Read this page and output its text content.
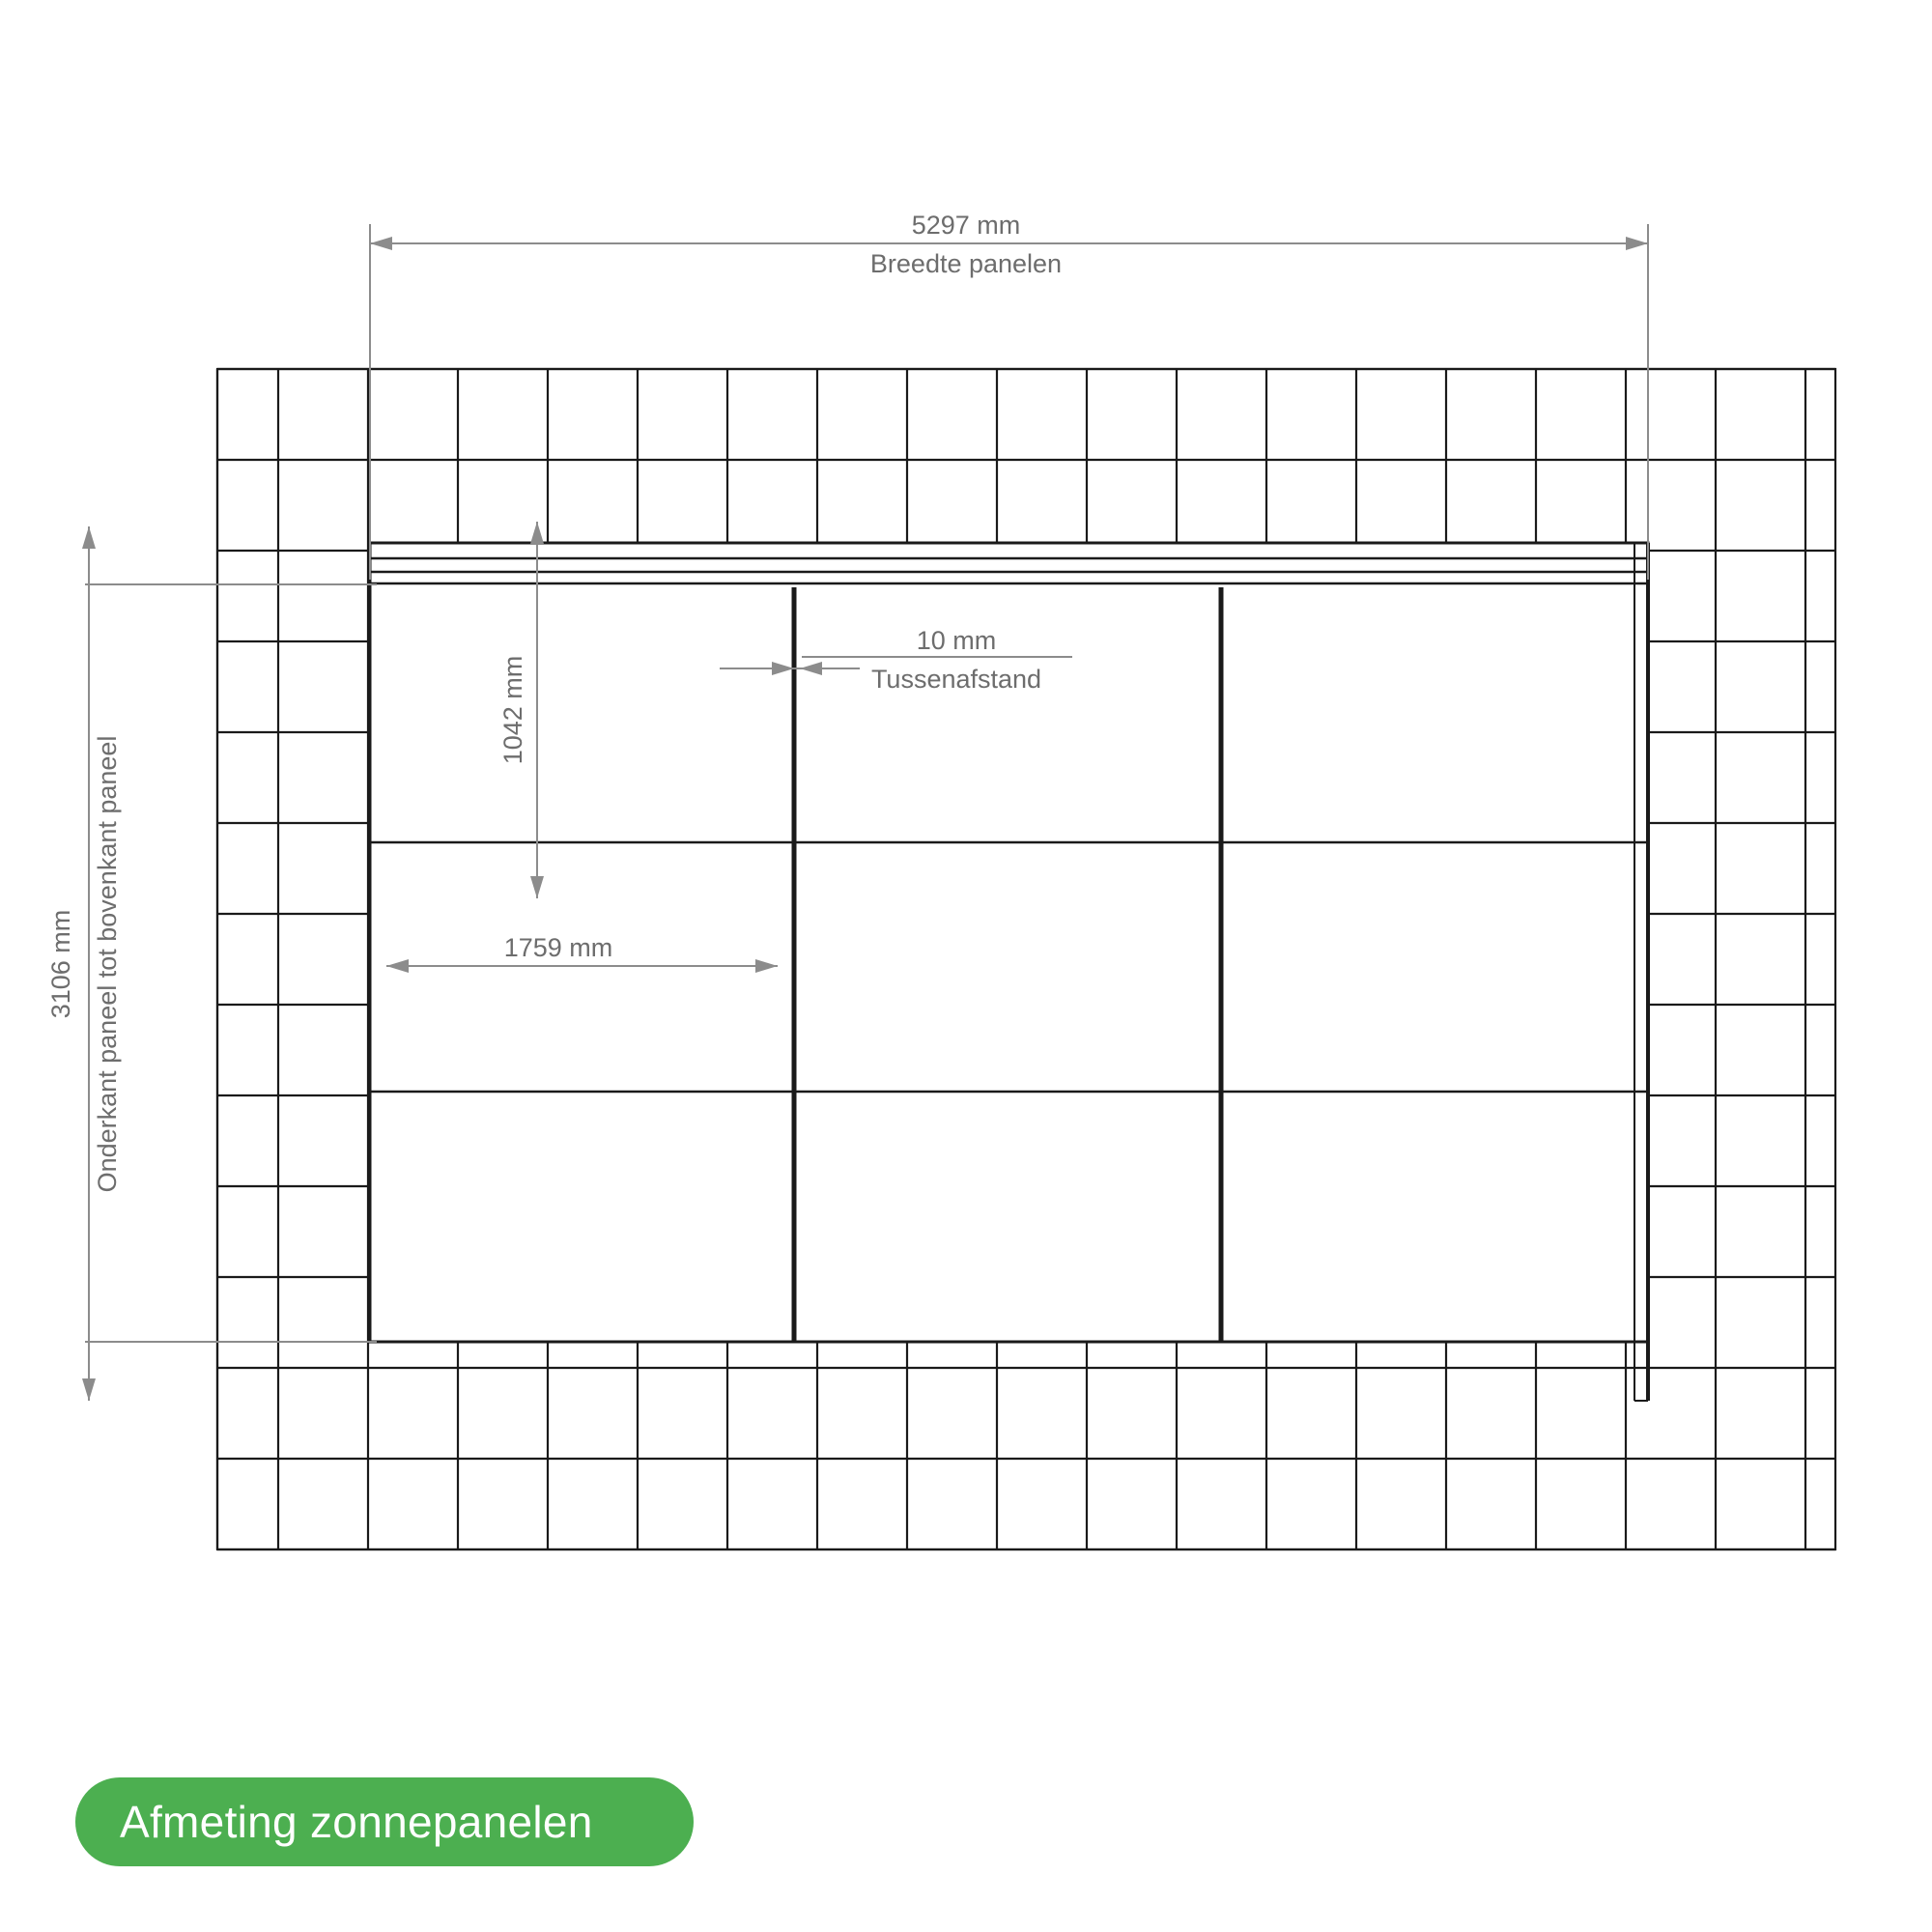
5297 mm
Breedte panelen
3106 mm Onderkant paneel tot bovenkant paneel
1042 mm
1759 mm
10 mm
Tussenafstand
Afmeting zonnepanelen
